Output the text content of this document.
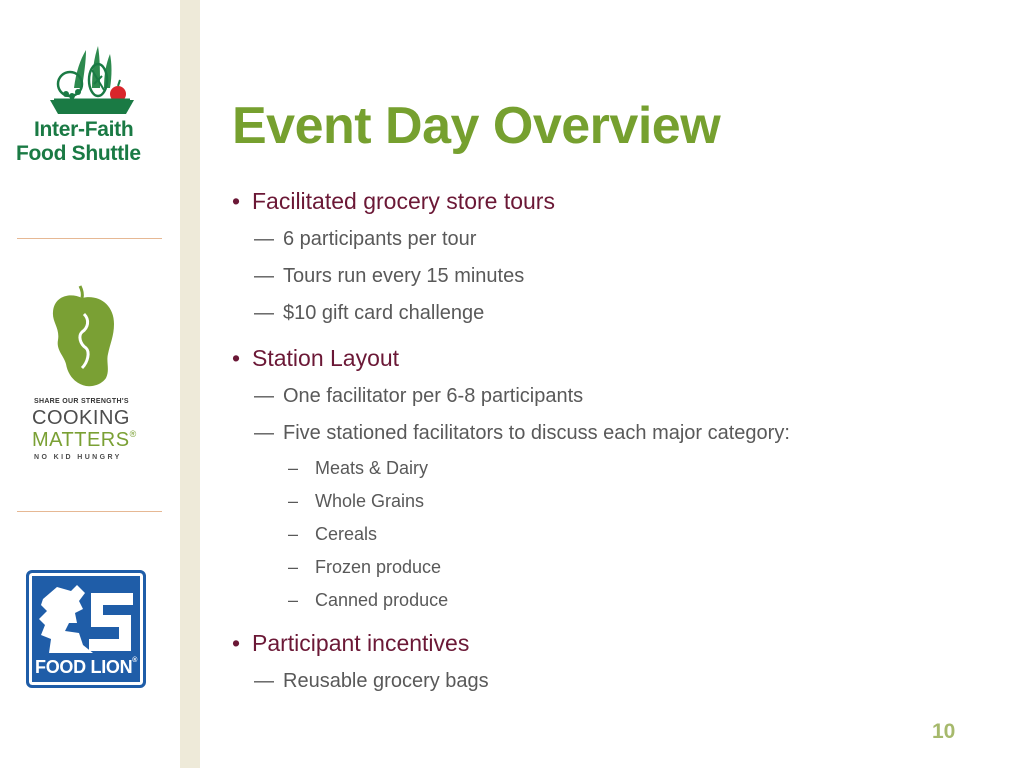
Inter-Faith
Food Shuttle
SHARE OUR STRENGTH'S
COOKING
MATTERS®
NO KID HUNGRY
FOOD LION®
Event Day Overview
• Facilitated grocery store tours
— 6 participants per tour
— Tours run every 15 minutes
— $10 gift card challenge
• Station Layout
— One facilitator per 6-8 participants
— Five stationed facilitators to discuss each major category:
– Meats & Dairy
– Whole Grains
– Cereals
– Frozen produce
– Canned produce
• Participant incentives
— Reusable grocery bags
10
